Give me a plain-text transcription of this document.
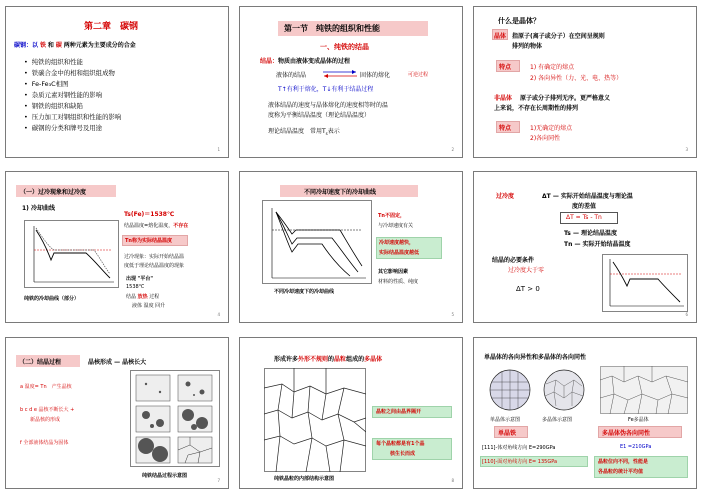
第二章　碳钢
碳钢：以 铁 和 碳 两种元素为主要成分的合金
• 纯铁的组织和性能
• 铁碳合金中的相和组织组成物
• Fe-Fe₃C相图
• 杂质元素对钢性能的影响
• 钢铁的组织和缺陷
• 压力加工对钢组织和性能的影响
• 碳钢的分类和牌号及用途
1
第一节　纯铁的组织和性能
一、纯铁的结晶
结晶：物质由液体变成晶体的过程
液体的结晶 ⇌ 固体的熔化	可逆过程
T↑有利于熔化，T↓有利于结晶过程
液体结晶的速度与晶体熔化的速度相等时的温
度称为平衡结晶温度（理论结晶温度）
理论结晶温度　常用$T_s$表示
2
什么是晶体？
晶体 指原子(离子或分子）在空间呈规则
排列的物体
特点	1) 有确定的熔点
2) 各向异性（力、光、电、热等）
非晶体 原子或分子排列无序。更严格意义
上来说，不存在长周期性的排列
特点	1)无确定的熔点
2)各向同性
3
（一）过冷现象和过冷度
1) 冷却曲线
纯铁的冷却曲线（部分）
Ts(Fe)＝1538℃
结晶温度=熔化温度，不存在
Tn称为实际结晶温度
过冷现象：实际开始结晶温
度低于理论结晶温度的现象
出现 "平台"
1538℃
结晶 放热 过程
液体 温度 回升
4
不同冷却速度下的冷却曲线
不同冷却速度下的冷却曲线
Tn不固定，
与冷却速度有关
冷却速度越快，
实际结晶温度越低
其它影响因素
材料的性质、纯度
5
过冷度	ΔT — 实际开始结晶温度与理论温
度的差值
ΔT = Ts - Tn
Ts — 理论结晶温度
Tn — 实际开始结晶温度
结晶的必要条件
过冷度大于零
ΔT > 0
6
（二）结晶过程	晶核形成 — 晶核长大
a 温度= Tn　产生晶核
b c d e 晶核不断长大 +
新晶核的形成
f 全部液体结晶为固体
纯铁结晶过程示意图
7
形成许多外形不规则的晶粒组成的多晶体
纯铁晶粒的内部结构示意图
晶粒之间由晶界隔开
每个晶粒都是有1个晶
核生长而成
8
单晶体的各向异性和多晶体的各向同性
单晶体示意图	多晶体示意图	Fe多晶体
单晶铁	多晶体伪各向同性
[111]-体对角线方向 E=290GPa	E1 =210GPa
[110]-面对角线方向 E= 135GPa	晶粒位向不同，性能是
各晶粒的统计平均值
